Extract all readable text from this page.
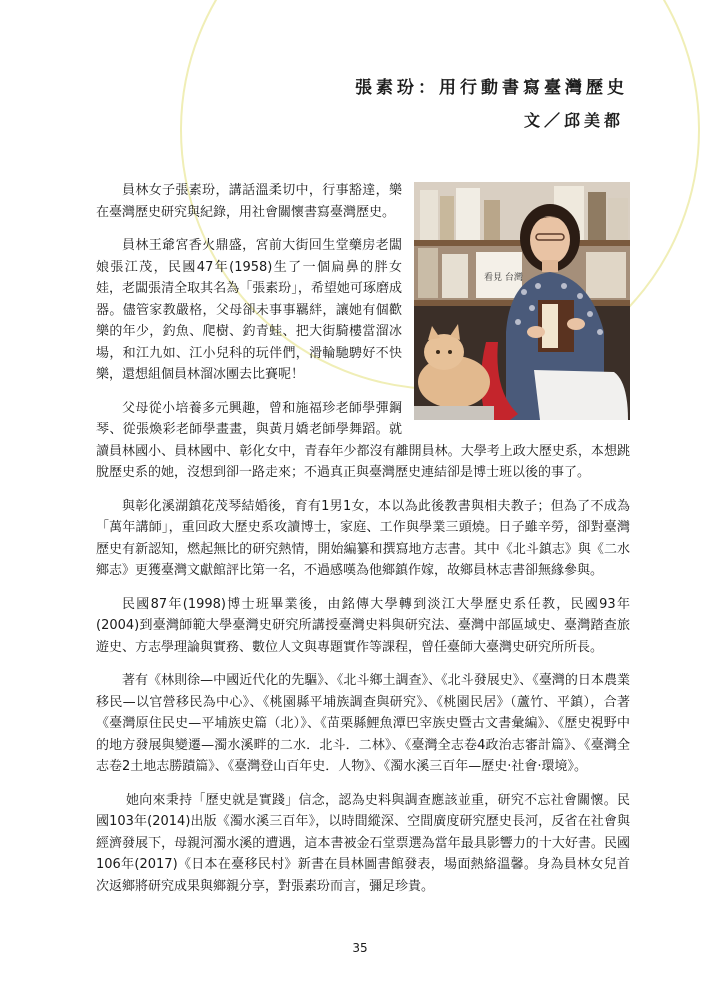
張素玢：用行動書寫臺灣歷史
文／邱美都
看見 台灣

員林女子張素玢，講話溫柔切中，行事豁達，樂在臺灣歷史研究與紀錄，用社會關懷書寫臺灣歷史。

員林王爺宮香火鼎盛，宮前大街回生堂藥房老闆娘張江茂，民國47年(1958)生了一個扁鼻的胖女娃，老闆張清全取其名為「張素玢」，希望她可琢磨成器。儘管家教嚴格，父母卻未事事羈絆，讓她有個歡樂的年少，釣魚、爬樹、釣青蛙、把大街騎樓當溜冰場，和江九如、江小兒科的玩伴們，滑輪馳騁好不快樂，還想組個員林溜冰團去比賽呢！

父母從小培養多元興趣，曾和施福珍老師學彈鋼琴、從張煥彩老師學畫畫，與黃月嬌老師學舞蹈。就讀員林國小、員林國中、彰化女中，青春年少都沒有離開員林。大學考上政大歷史系，本想跳脫歷史系的她，沒想到卻一路走來；不過真正與臺灣歷史連結卻是博士班以後的事了。

與彰化溪湖鎮花茂琴結婚後，育有1男1女，本以為此後教書與相夫教子；但為了不成為「萬年講師」，重回政大歷史系攻讀博士，家庭、工作與學業三頭燒。日子雖辛勞，卻對臺灣歷史有新認知，燃起無比的研究熱情，開始編纂和撰寫地方志書。其中《北斗鎮志》與《二水鄉志》更獲臺灣文獻館評比第一名，不過感嘆為他鄉鎮作嫁，故鄉員林志書卻無緣參與。

民國87年(1998)博士班畢業後，由銘傳大學轉到淡江大學歷史系任教，民國93年(2004)到臺灣師範大學臺灣史研究所講授臺灣史料與研究法、臺灣中部區域史、臺灣踏查旅遊史、方志學理論與實務、數位人文與專題實作等課程，曾任臺師大臺灣史研究所所長。

著有《林則徐—中國近代化的先驅》、《北斗鄉土調查》、《北斗發展史》、《臺灣的日本農業移民—以官營移民為中心》、《桃園縣平埔族調查與研究》、《桃園民居》（蘆竹、平鎮），合著《臺灣原住民史—平埔族史篇（北）》、《苗栗縣鯉魚潭巴宰族史暨古文書彙編》、《歷史視野中的地方發展與變遷—濁水溪畔的二水．北斗．二林》、《臺灣全志卷4政治志審計篇》、《臺灣全志卷2土地志勝蹟篇》、《臺灣登山百年史．人物》、《濁水溪三百年—歷史·社會·環境》。

她向來秉持「歷史就是實踐」信念，認為史料與調查應該並重，研究不忘社會關懷。民國103年(2014)出版《濁水溪三百年》，以時間縱深、空間廣度研究歷史長河，反省在社會與經濟發展下，母親河濁水溪的遭遇，這本書被金石堂票選為當年最具影響力的十大好書。民國106年(2017)《日本在臺移民村》新書在員林圖書館發表，場面熱絡溫馨。身為員林女兒首次返鄉將研究成果與鄉親分享，對張素玢而言，彌足珍貴。

35
